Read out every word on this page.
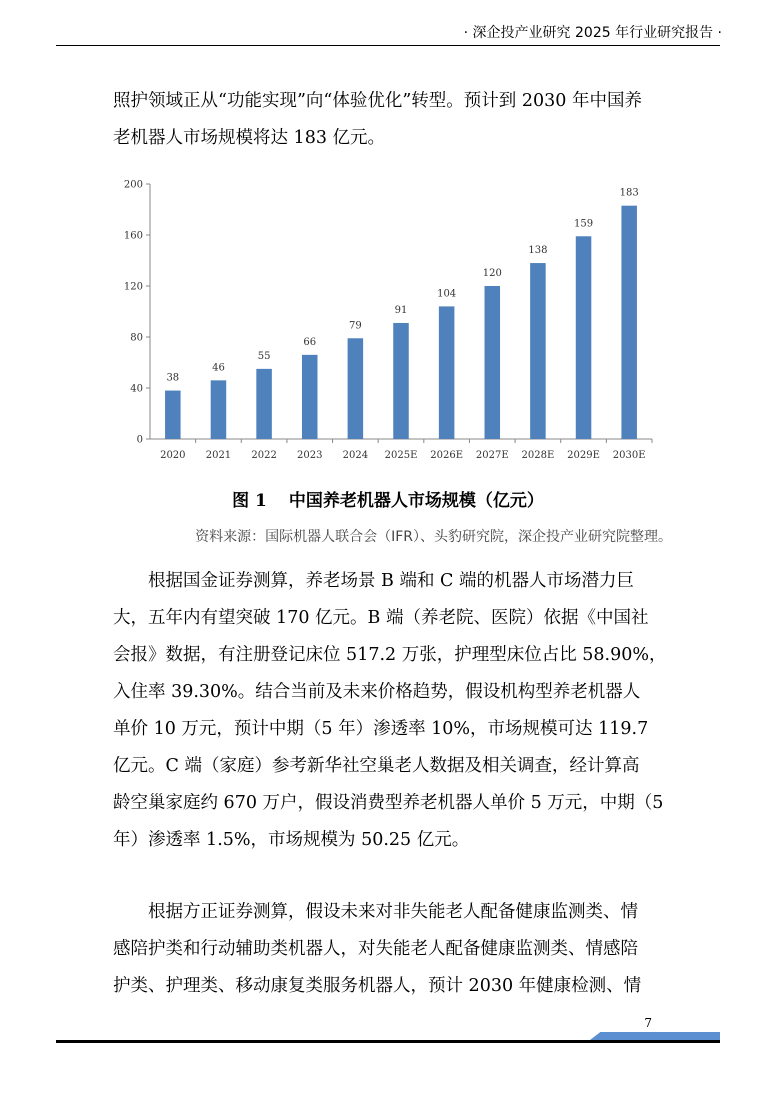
· 深企投产业研究 2025 年行业研究报告 ·
照护领域正从“功能实现”向“体验优化”转型。预计到 2030 年中国养
老机器人市场规模将达 183 亿元。
0
40
80
120
160
200
2020 2021 2022 2023 2024 2025E 2026E 2027E 2028E 2029E 2030E
38
46
55
66
79
91
104
120
138
159
183
图 1 中国养老机器人市场规模（亿元）
资料来源：国际机器人联合会（IFR）、头豹研究院，深企投产业研究院整理。
根据国金证券测算，养老场景 B 端和 C 端的机器人市场潜力巨
大，五年内有望突破 170 亿元。B 端（养老院、医院）依据《中国社
会报》数据，有注册登记床位 517.2 万张，护理型床位占比 58.90%，
入住率 39.30%。结合当前及未来价格趋势，假设机构型养老机器人
单价 10 万元，预计中期（5 年）渗透率 10%，市场规模可达 119.7
亿元。C 端（家庭）参考新华社空巢老人数据及相关调查，经计算高
龄空巢家庭约 670 万户，假设消费型养老机器人单价 5 万元，中期（5
年）渗透率 1.5%，市场规模为 50.25 亿元。
根据方正证券测算，假设未来对非失能老人配备健康监测类、情
感陪护类和行动辅助类机器人，对失能老人配备健康监测类、情感陪
护类、护理类、移动康复类服务机器人，预计 2030 年健康检测、情
7
